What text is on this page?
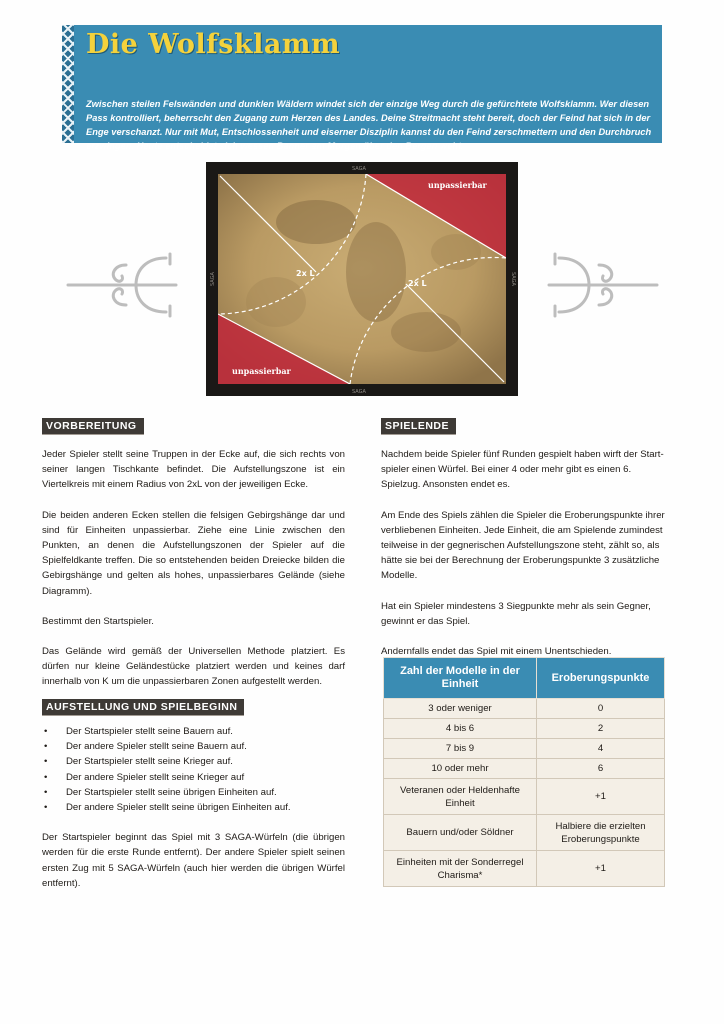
Die Wolfsklamm

Zwischen steilen Felswänden und dunklen Wäldern windet sich der einzige Weg durch die gefürchtete Wolfsklamm. Wer diesen

Pass kontrolliert, beherrscht den Zugang zum Herzen des Landes. Deine Streitmacht steht bereit, doch der Feind hat sich in der

Enge verschanzt. Nur mit Mut, Entschlossenheit und eiserner Disziplin kannst du den Feind zerschmettern und den Durchbruch

erzwingen. Heute entscheidet sich wessen Banner am Morgen über den Bergen weht.

unpassierbar
unpassierbar
2x L
2x L
SAGA
SAGA
SAGA	SAGA
VORBEREITUNG

Jeder Spieler stellt seine Truppen in der Ecke auf, die sich rechts von seiner langen Tischkante befindet. Die Aufstellungszone ist ein Viertelkreis mit einem Radius von 2xL von der jeweiligen Ecke.

Die beiden anderen Ecken stellen die felsigen Gebirgshänge dar und sind für Einheiten unpassierbar. Ziehe eine Linie zwischen den Punkten, an denen die Aufstellungszonen der Spieler auf die Spielfeldkante treffen. Die so entstehenden beiden Dreiecke bilden die Gebirgshänge und gelten als hohes, unpassierbares Gelände (siehe Diagramm).

Bestimmt den Startspieler.

Das Gelände wird gemäß der Universellen Methode platziert. Es dürfen nur kleine Geländestücke platziert werden und keines darf innerhalb von K um die unpassierbaren Zonen aufgestellt werden.

AUFSTELLUNG UND SPIELBEGINN
• Der Startspieler stellt seine Bauern auf.
• Der andere Spieler stellt seine Bauern auf.
• Der Startspieler stellt seine Krieger auf.
• Der andere Spieler stellt seine Krieger auf
• Der Startspieler stellt seine übrigen Einheiten auf.
• Der andere Spieler stellt seine übrigen Einheiten auf.

Der Startspieler beginnt das Spiel mit 3 SAGA-Würfeln (die übrigen werden für die erste Runde entfernt). Der andere Spieler spielt seinen ersten Zug mit 5 SAGA-Würfeln (auch hier werden die übrigen Würfel entfernt).

SPIELENDE

Nachdem beide Spieler fünf Runden gespielt haben wirft der Start-spieler einen Würfel. Bei einer 4 oder mehr gibt es einen 6. Spielzug. Ansonsten endet es.

Am Ende des Spiels zählen die Spieler die Eroberungspunkte ihrer verbliebenen Einheiten. Jede Einheit, die am Spielende zumindest teilweise in der gegnerischen Aufstellungszone steht, zählt so, als hätte sie bei der Berechnung der Eroberungspunkte 3 zusätzliche Modelle.

Hat ein Spieler mindestens 3 Siegpunkte mehr als sein Gegner, gewinnt er das Spiel.

Andernfalls endet das Spiel mit einem Unentschieden.

Zahl der Modelle in der Einheit	Eroberungspunkte
3 oder weniger	0
4 bis 6	2
7 bis 9	4
10 oder mehr	6
Veteranen oder Heldenhafte Einheit	+1
Bauern und/oder Söldner	Halbiere die erzielten Eroberungspunkte
Einheiten mit der Sonderregel Charisma*	+1
